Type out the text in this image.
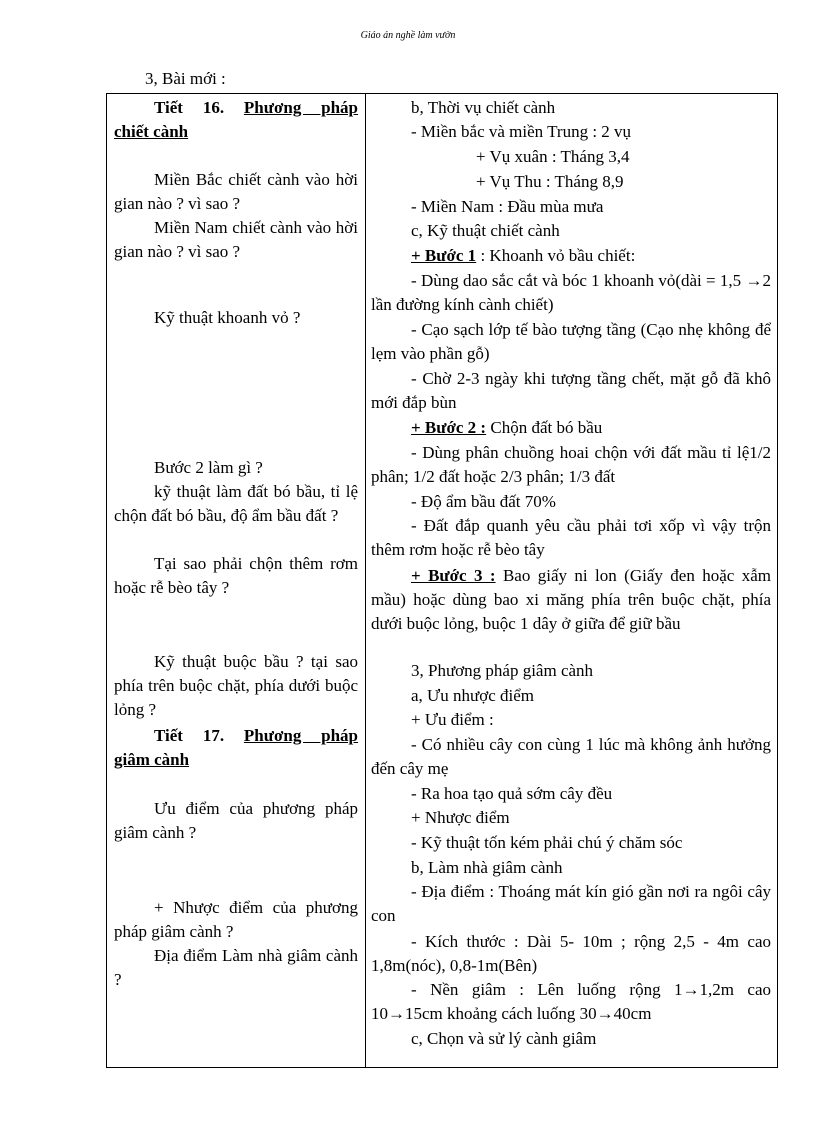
Giáo án nghề làm vườn
3, Bài mới :
Tiết 16. Phương pháp
chiết cành

Miền Bắc chiết cành vào hời gian nào ? vì sao ?

Miền Nam chiết cành vào hời gian nào ? vì sao ?

Kỹ thuật khoanh vỏ ?

Bước 2 làm gì ?

kỹ thuật làm đất bó bầu, tỉ lệ chộn đất bó bầu, độ ẩm bầu đất ?

Tại sao phải chộn thêm rơm hoặc rễ bèo tây ?

Kỹ thuật buộc bầu ? tại sao phía trên buộc chặt, phía dưới buộc lỏng ?

Tiết 17. Phương pháp
giâm cành

Ưu điểm của phương pháp giâm cành ?

+ Nhược điểm của phương pháp giâm cành ?

Địa điểm Làm nhà giâm cành ?

b, Thời vụ chiết cành

- Miền bắc và miền Trung : 2 vụ

+ Vụ xuân : Tháng 3,4

+ Vụ Thu : Tháng 8,9

- Miền Nam : Đầu mùa mưa

c, Kỹ thuật chiết cành

+ Bước 1 : Khoanh vỏ bầu chiết:

- Dùng dao sắc cắt và bóc 1 khoanh vỏ(dài = 1,5 →2 lần đường kính cành chiết)

- Cạo sạch lớp tế bào tượng tầng (Cạo nhẹ không để lẹm vào phần gỗ)

- Chờ 2-3 ngày khi tượng tầng chết, mặt gỗ đã khô mới đắp bùn

+ Bước 2 : Chộn đất bó bầu

- Dùng phân chuồng hoai chộn với đất mầu tỉ lệ1/2 phân; 1/2 đất hoặc 2/3 phân; 1/3 đất

- Độ ẩm bầu đất 70%

- Đất đắp quanh yêu cầu phải tơi xốp vì vậy trộn thêm rơm hoặc rễ bèo tây

+ Bước 3 : Bao giấy ni lon (Giấy đen hoặc xẫm mầu) hoặc dùng bao xi măng phía trên buộc chặt, phía dưới buộc lỏng, buộc 1 dây ở giữa để giữ bầu

3, Phương pháp giâm cành

a, Ưu nhược điểm

+ Ưu điểm :

- Có nhiều cây con cùng 1 lúc mà không ảnh hưởng đến cây mẹ

- Ra hoa tạo quả sớm cây đều

+ Nhược điểm

- Kỹ thuật tốn kém phải chú ý chăm sóc

b, Làm nhà giâm cành

- Địa điểm : Thoáng mát kín gió gần nơi ra ngôi cây con

- Kích thước : Dài 5- 10m ; rộng 2,5 - 4m cao 1,8m(nóc), 0,8-1m(Bên)

- Nền giâm : Lên luống rộng 1→1,2m cao 10→15cm khoảng cách luống 30→40cm

c, Chọn và sử lý cành giâm
